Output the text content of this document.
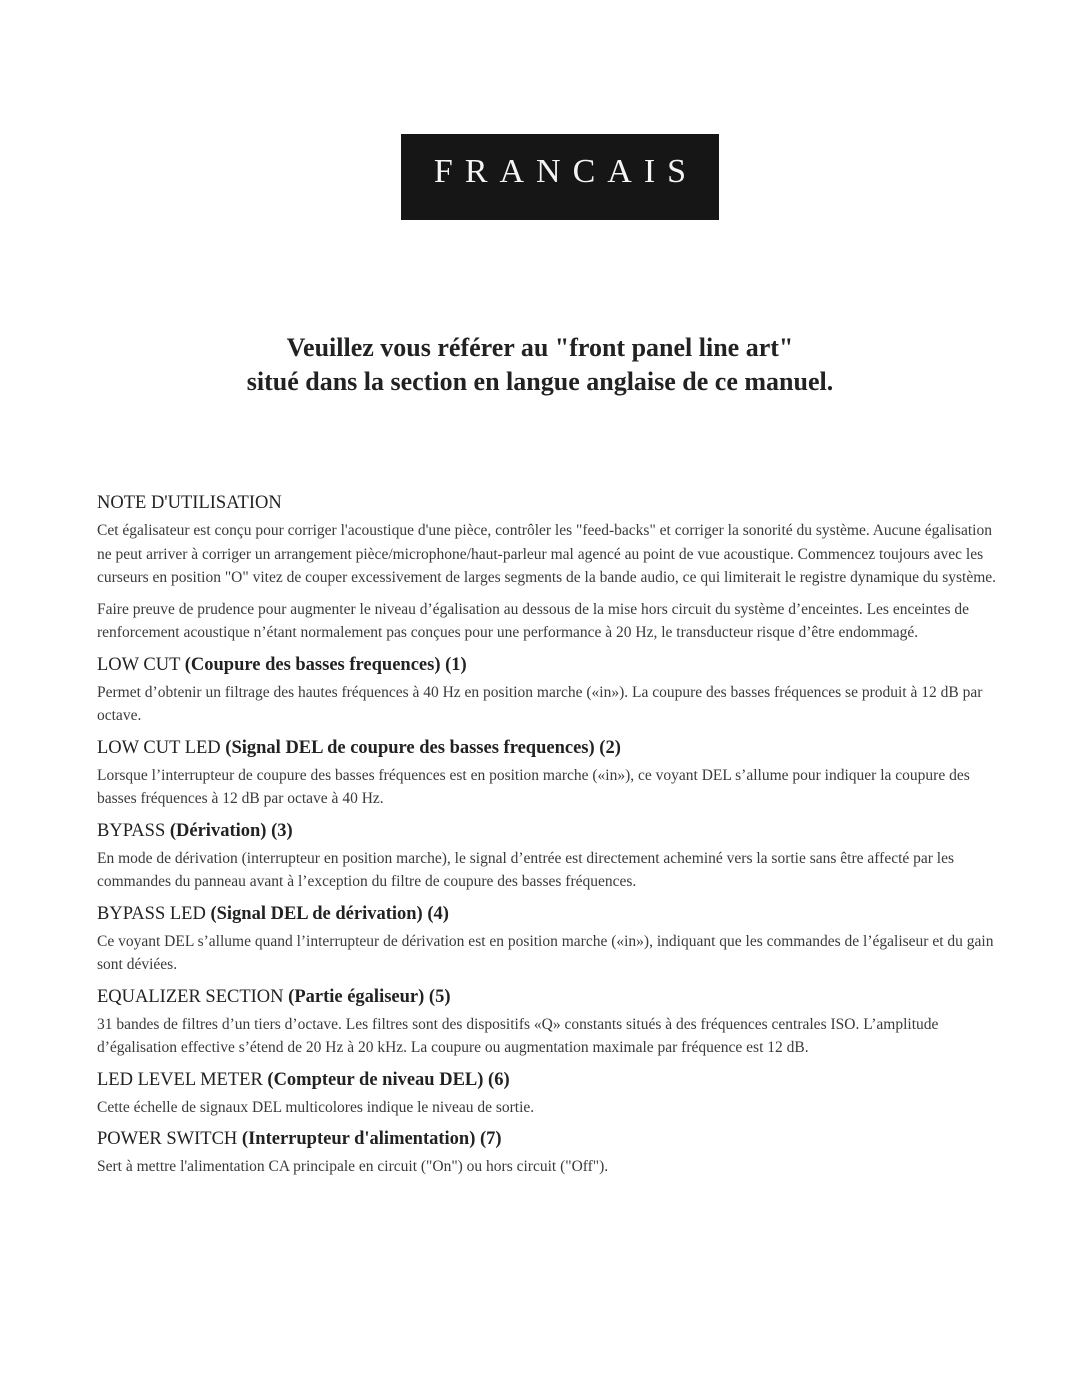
FRANCAIS
Veuillez vous référer au "front panel line art"
situé dans la section en langue anglaise de ce manuel.
NOTE D'UTILISATION

Cet égalisateur est conçu pour corriger l'acoustique d'une pièce, contrôler les "feed-backs" et corriger la sonorité du système. Aucune égalisation ne peut arriver à corriger un arrangement pièce/microphone/haut-parleur mal agencé au point de vue acoustique. Commencez toujours avec les curseurs en position "O" vitez de couper excessivement de larges segments de la bande audio, ce qui limiterait le registre dynamique du système.

Faire preuve de prudence pour augmenter le niveau d’égalisation au dessous de la mise hors circuit du système d’enceintes. Les enceintes de renforcement acoustique n’étant normalement pas conçues pour une performance à 20 Hz, le transducteur risque d’être endommagé.

LOW CUT (Coupure des basses frequences) (1)

Permet d’obtenir un filtrage des hautes fréquences à 40 Hz en position marche («in»). La coupure des basses fréquences se produit à 12 dB par octave.

LOW CUT LED (Signal DEL de coupure des basses frequences) (2)

Lorsque l’interrupteur de coupure des basses fréquences est en position marche («in»), ce voyant DEL s’allume pour indiquer la coupure des basses fréquences à 12 dB par octave à 40 Hz.

BYPASS (Dérivation) (3)

En mode de dérivation (interrupteur en position marche), le signal d’entrée est directement acheminé vers la sortie sans être affecté par les commandes du panneau avant à l’exception du filtre de coupure des basses fréquences.

BYPASS LED (Signal DEL de dérivation) (4)

Ce voyant DEL s’allume quand l’interrupteur de dérivation est en position marche («in»), indiquant que les commandes de l’égaliseur et du gain sont déviées.

EQUALIZER SECTION (Partie égaliseur) (5)

31 bandes de filtres d’un tiers d’octave. Les filtres sont des dispositifs «Q» constants situés à des fréquences centrales ISO. L’amplitude d’égalisation effective s’étend de 20 Hz à 20 kHz. La coupure ou augmentation maximale par fréquence est 12 dB.

LED LEVEL METER (Compteur de niveau DEL) (6)

Cette échelle de signaux DEL multicolores indique le niveau de sortie.

POWER SWITCH (Interrupteur d'alimentation) (7)

Sert à mettre l'alimentation CA principale en circuit ("On") ou hors circuit ("Off").
